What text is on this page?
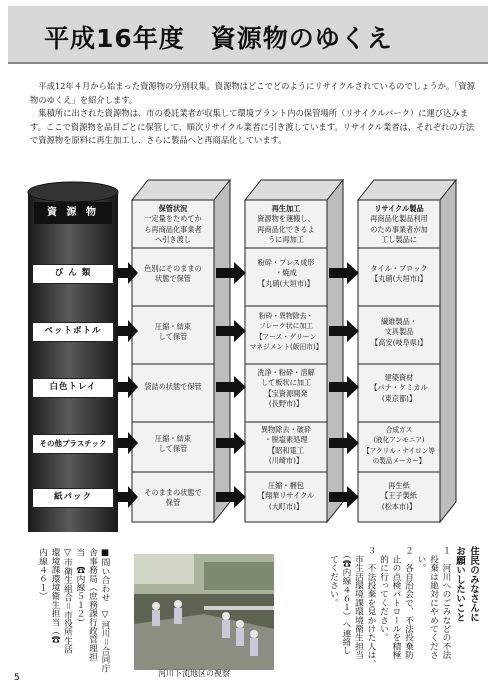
平成16年度　資源物のゆくえ

平成12年４月から始まった資源物の分別収集。資源物はどこでどのようにリサイクルされているのでしょうか。「資源物のゆくえ」を紹介します。

集積所に出された資源物は、市の委託業者が収集して環境プラント内の保管場所（リサイクルパーク）に運び込みます。ここで資源物を品目ごとに保管して、順次リサイクル業者に引き渡しています。リサイクル業者は、それぞれの方法で資源物を原料に再生加工し、さらに製品へと再商品化しています。

資 源 物
び ん 類
ペットボトル
白色トレイ
その他プラスチック
紙パック
保管状況
一定量をためてか
ら再商品化事業者
へ引き渡し
再生加工
資源物を運搬し、
再商品化できるよ
うに再加工
リサイクル製品
再商品化製品利用
のため事業者が加
工し製品に
色別にそのままの
状態で保管
粉砕・プレス成形
・焼成
【丸硝(大垣市)】
タイル・ブロック
【丸硝(大垣市)】
圧縮・結束
して保管
粉砕・異物除去・
フレーク状に加工
【アース・グリーン
マネジメント(飯田市)】
繊維製品・
文具製品
【高安(岐阜県)】
袋詰め状態で保管
洗浄・粉砕・溶解
して板状に加工
【宝資源開発
(長野市)】
建築資材
【パナ・ケミカル
(東京都)】
圧縮・結束
して保管
異物除去・破砕
・脱塩素処理
【昭和電工
(川崎市)】
合成ガス
(液化アンモニア)
【アクリル・ナイロン等
の製品メーカー】
そのままの状態で
保管
圧縮・梱包
【翔華リサイクル
(大町市)】
再生紙
【王子製紙
(松本市)】
住民のみなさんに
お願いしたいこと
１　河川へのごみなどの不法
　投棄は絶対にやめてくださ
　い。
２　各自治会で、不法投棄防
　止の点検パトロールを積極
　的に行ってください。
３　不法投棄を見かけた人は、
　市生活環境課環境衛生担当
　（☎内線４６１）へ連絡し
　てください。
河川下流地区の視察
■問い合わせ　▽河川＝合同庁
舎事務局（庶務課行政管理担
当　☎内線５１２）
▽市衛生組合＝市役所生活
環境課環境衛生担当（☎
内線４６１）
5
